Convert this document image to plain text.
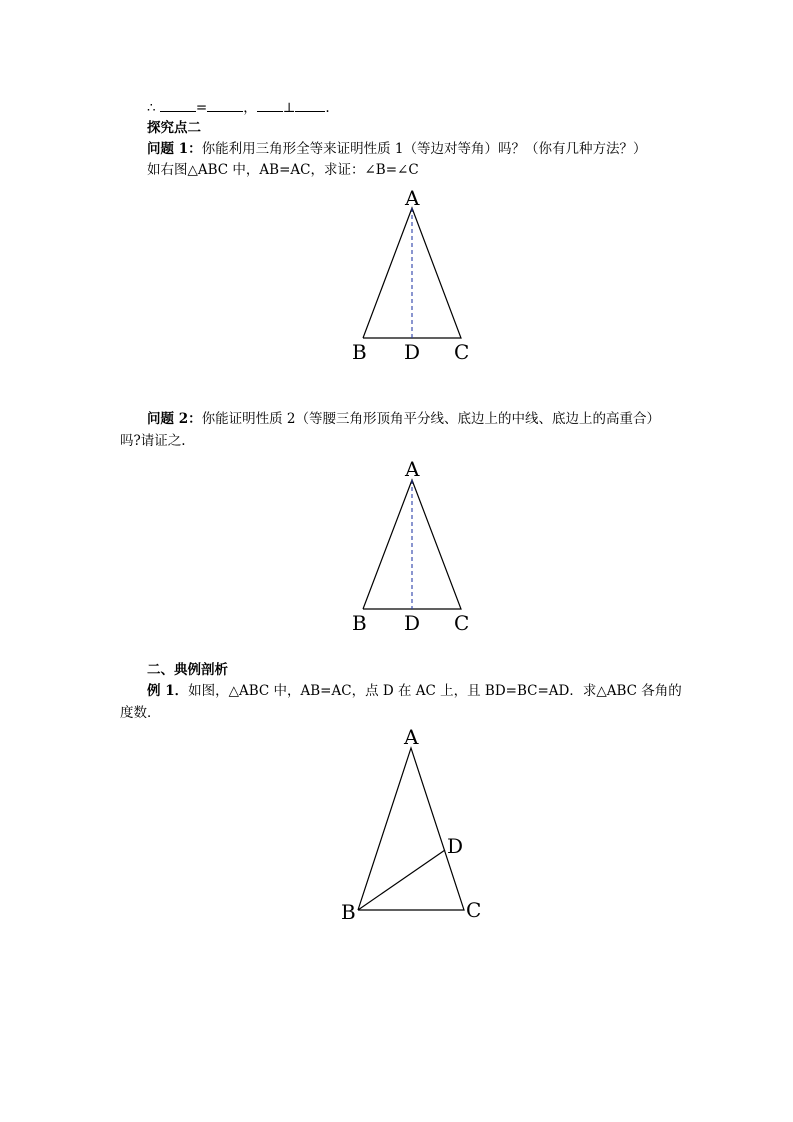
∴	=	， ⊥ .
探究点二
问题 1：你能利用三角形全等来证明性质 1（等边对等角）吗？（你有几种方法？）
如右图△ABC 中，AB=AC，求证：∠B=∠C
问题 2：你能证明性质 2（等腰三角形顶角平分线、底边上的中线、底边上的高重合）
吗?请证之.
二、典例剖析
例 1．如图，△ABC 中，AB=AC，点 D 在 AC 上，且 BD=BC=AD．求△ABC 各角的
度数．
A
B D C
A
B D C
A
B
D
C
